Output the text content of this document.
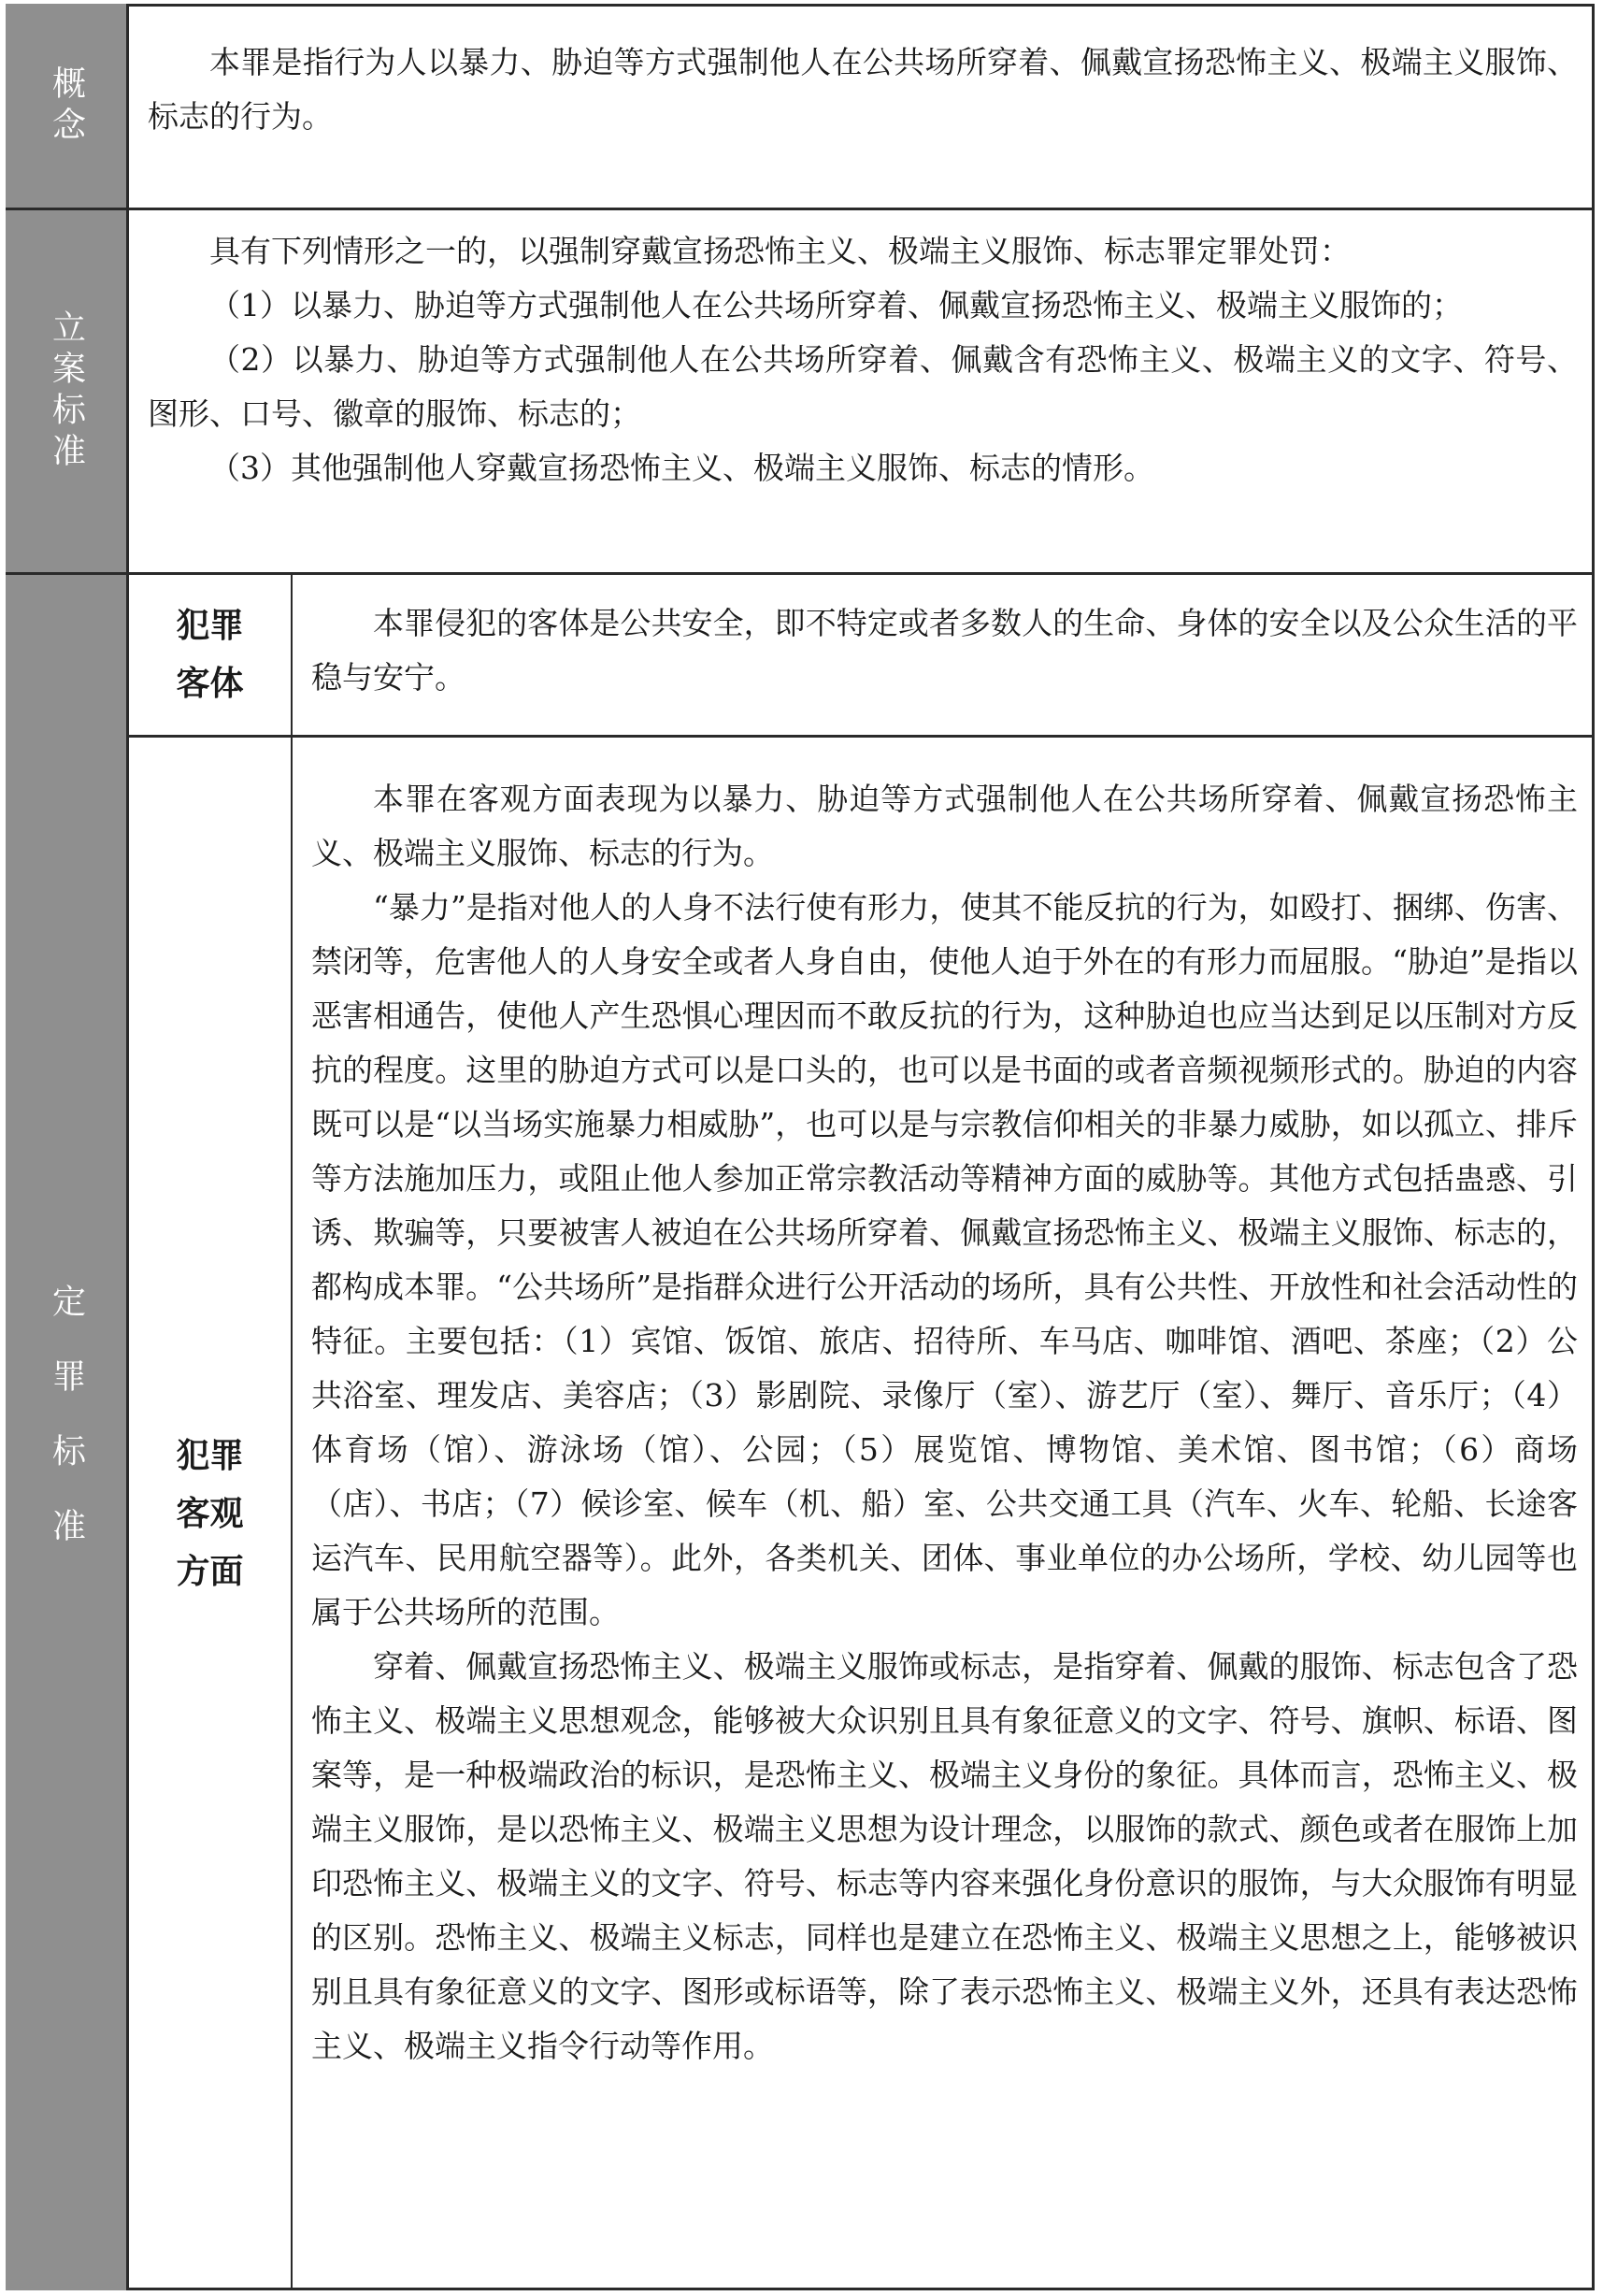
概念

本罪是指行为人以暴力、胁迫等方式强制他人在公共场所穿着、佩戴宣扬恐怖主义、极端主义服饰、标志的行为。

立案标准

具有下列情形之一的，以强制穿戴宣扬恐怖主义、极端主义服饰、标志罪定罪处罚：

（1）以暴力、胁迫等方式强制他人在公共场所穿着、佩戴宣扬恐怖主义、极端主义服饰的；

（2）以暴力、胁迫等方式强制他人在公共场所穿着、佩戴含有恐怖主义、极端主义的文字、符号、图形、口号、徽章的服饰、标志的；

（3）其他强制他人穿戴宣扬恐怖主义、极端主义服饰、标志的情形。

定罪标准
犯罪
客体

本罪侵犯的客体是公共安全，即不特定或者多数人的生命、身体的安全以及公众生活的平稳与安宁。

犯罪
客观
方面

本罪在客观方面表现为以暴力、胁迫等方式强制他人在公共场所穿着、佩戴宣扬恐怖主义、极端主义服饰、标志的行为。

“暴力”是指对他人的人身不法行使有形力，使其不能反抗的行为，如殴打、捆绑、伤害、禁闭等，危害他人的人身安全或者人身自由，使他人迫于外在的有形力而屈服。“胁迫”是指以恶害相通告，使他人产生恐惧心理因而不敢反抗的行为，这种胁迫也应当达到足以压制对方反抗的程度。这里的胁迫方式可以是口头的，也可以是书面的或者音频视频形式的。胁迫的内容既可以是“以当场实施暴力相威胁”，也可以是与宗教信仰相关的非暴力威胁，如以孤立、排斥等方法施加压力，或阻止他人参加正常宗教活动等精神方面的威胁等。其他方式包括蛊惑、引诱、欺骗等，只要被害人被迫在公共场所穿着、佩戴宣扬恐怖主义、极端主义服饰、标志的，都构成本罪。“公共场所”是指群众进行公开活动的场所，具有公共性、开放性和社会活动性的特征。主要包括：（1）宾馆、饭馆、旅店、招待所、车马店、咖啡馆、酒吧、茶座；（2）公共浴室、理发店、美容店；（3）影剧院、录像厅（室）、游艺厅（室）、舞厅、音乐厅；（4）体育场（馆）、游泳场（馆）、公园；（5）展览馆、博物馆、美术馆、图书馆；（6）商场（店）、书店；（7）候诊室、候车（机、船）室、公共交通工具（汽车、火车、轮船、长途客运汽车、民用航空器等）。此外，各类机关、团体、事业单位的办公场所，学校、幼儿园等也属于公共场所的范围。

穿着、佩戴宣扬恐怖主义、极端主义服饰或标志，是指穿着、佩戴的服饰、标志包含了恐怖主义、极端主义思想观念，能够被大众识别且具有象征意义的文字、符号、旗帜、标语、图案等，是一种极端政治的标识，是恐怖主义、极端主义身份的象征。具体而言，恐怖主义、极端主义服饰，是以恐怖主义、极端主义思想为设计理念，以服饰的款式、颜色或者在服饰上加印恐怖主义、极端主义的文字、符号、标志等内容来强化身份意识的服饰，与大众服饰有明显的区别。恐怖主义、极端主义标志，同样也是建立在恐怖主义、极端主义思想之上，能够被识别且具有象征意义的文字、图形或标语等，除了表示恐怖主义、极端主义外，还具有表达恐怖主义、极端主义指令行动等作用。
